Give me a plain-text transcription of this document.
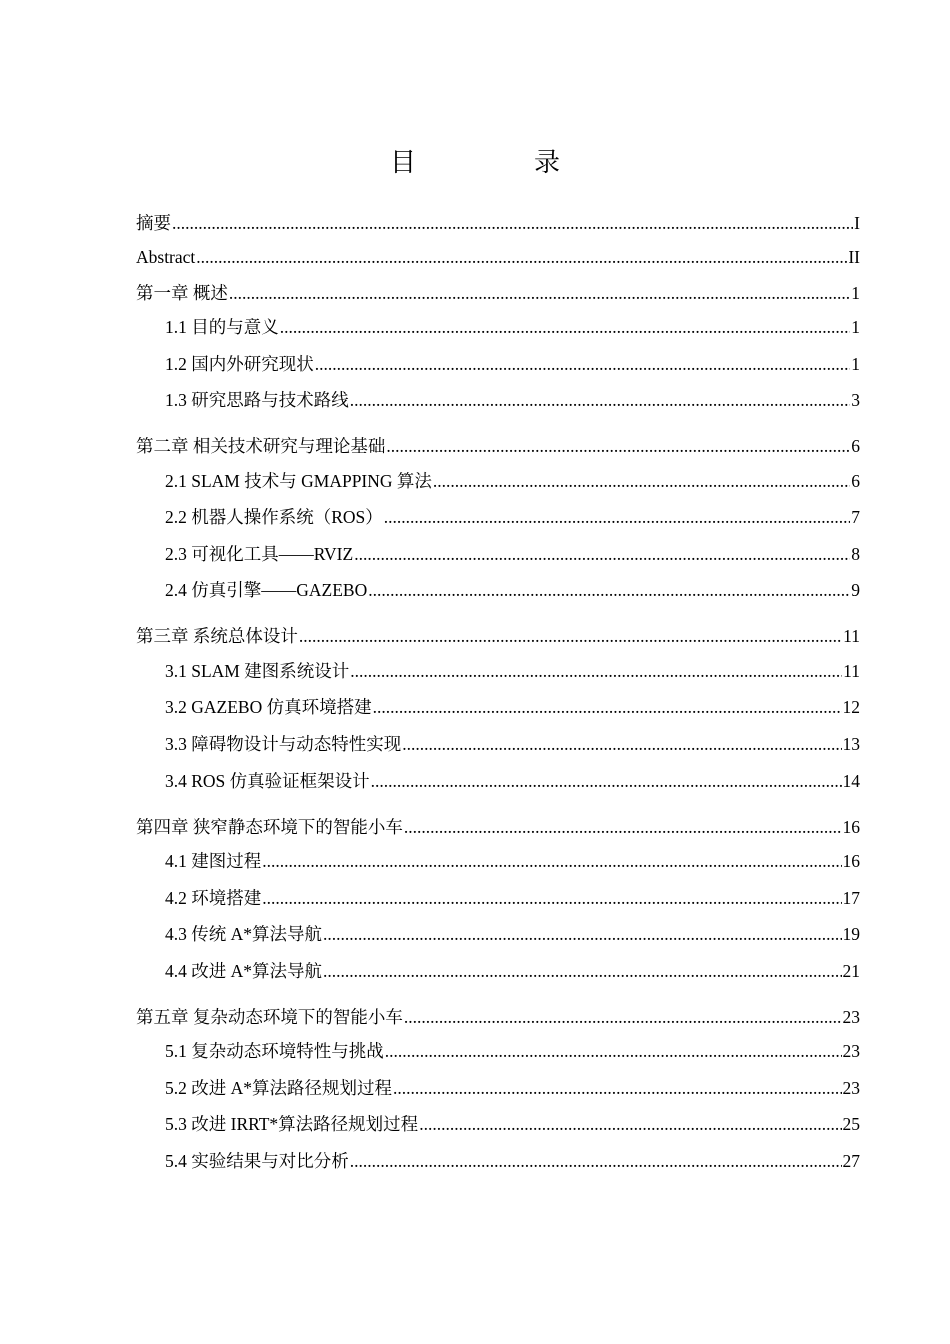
目　录
摘要 .....	I
Abstract .....	II
第一章 概述 .....	1
1.1 目的与意义 .....	1
1.2 国内外研究现状 .....	1
1.3 研究思路与技术路线 .....	3
第二章 相关技术研究与理论基础 .....	6
2.1 SLAM 技术与 GMAPPING 算法 .....	6
2.2 机器人操作系统（ROS） .....	7
2.3 可视化工具——RVIZ .....	8
2.4 仿真引擎——GAZEBO .....	9
第三章 系统总体设计 .....	11
3.1 SLAM 建图系统设计 .....	11
3.2 GAZEBO 仿真环境搭建 .....	12
3.3 障碍物设计与动态特性实现 .....	13
3.4 ROS 仿真验证框架设计 .....	14
第四章 狭窄静态环境下的智能小车 .....	16
4.1 建图过程 .....	16
4.2 环境搭建 .....	17
4.3 传统 A*算法导航 .....	19
4.4 改进 A*算法导航 .....	21
第五章 复杂动态环境下的智能小车 .....	23
5.1 复杂动态环境特性与挑战 .....	23
5.2 改进 A*算法路径规划过程 .....	23
5.3 改进 IRRT*算法路径规划过程 .....	25
5.4 实验结果与对比分析 .....	27
